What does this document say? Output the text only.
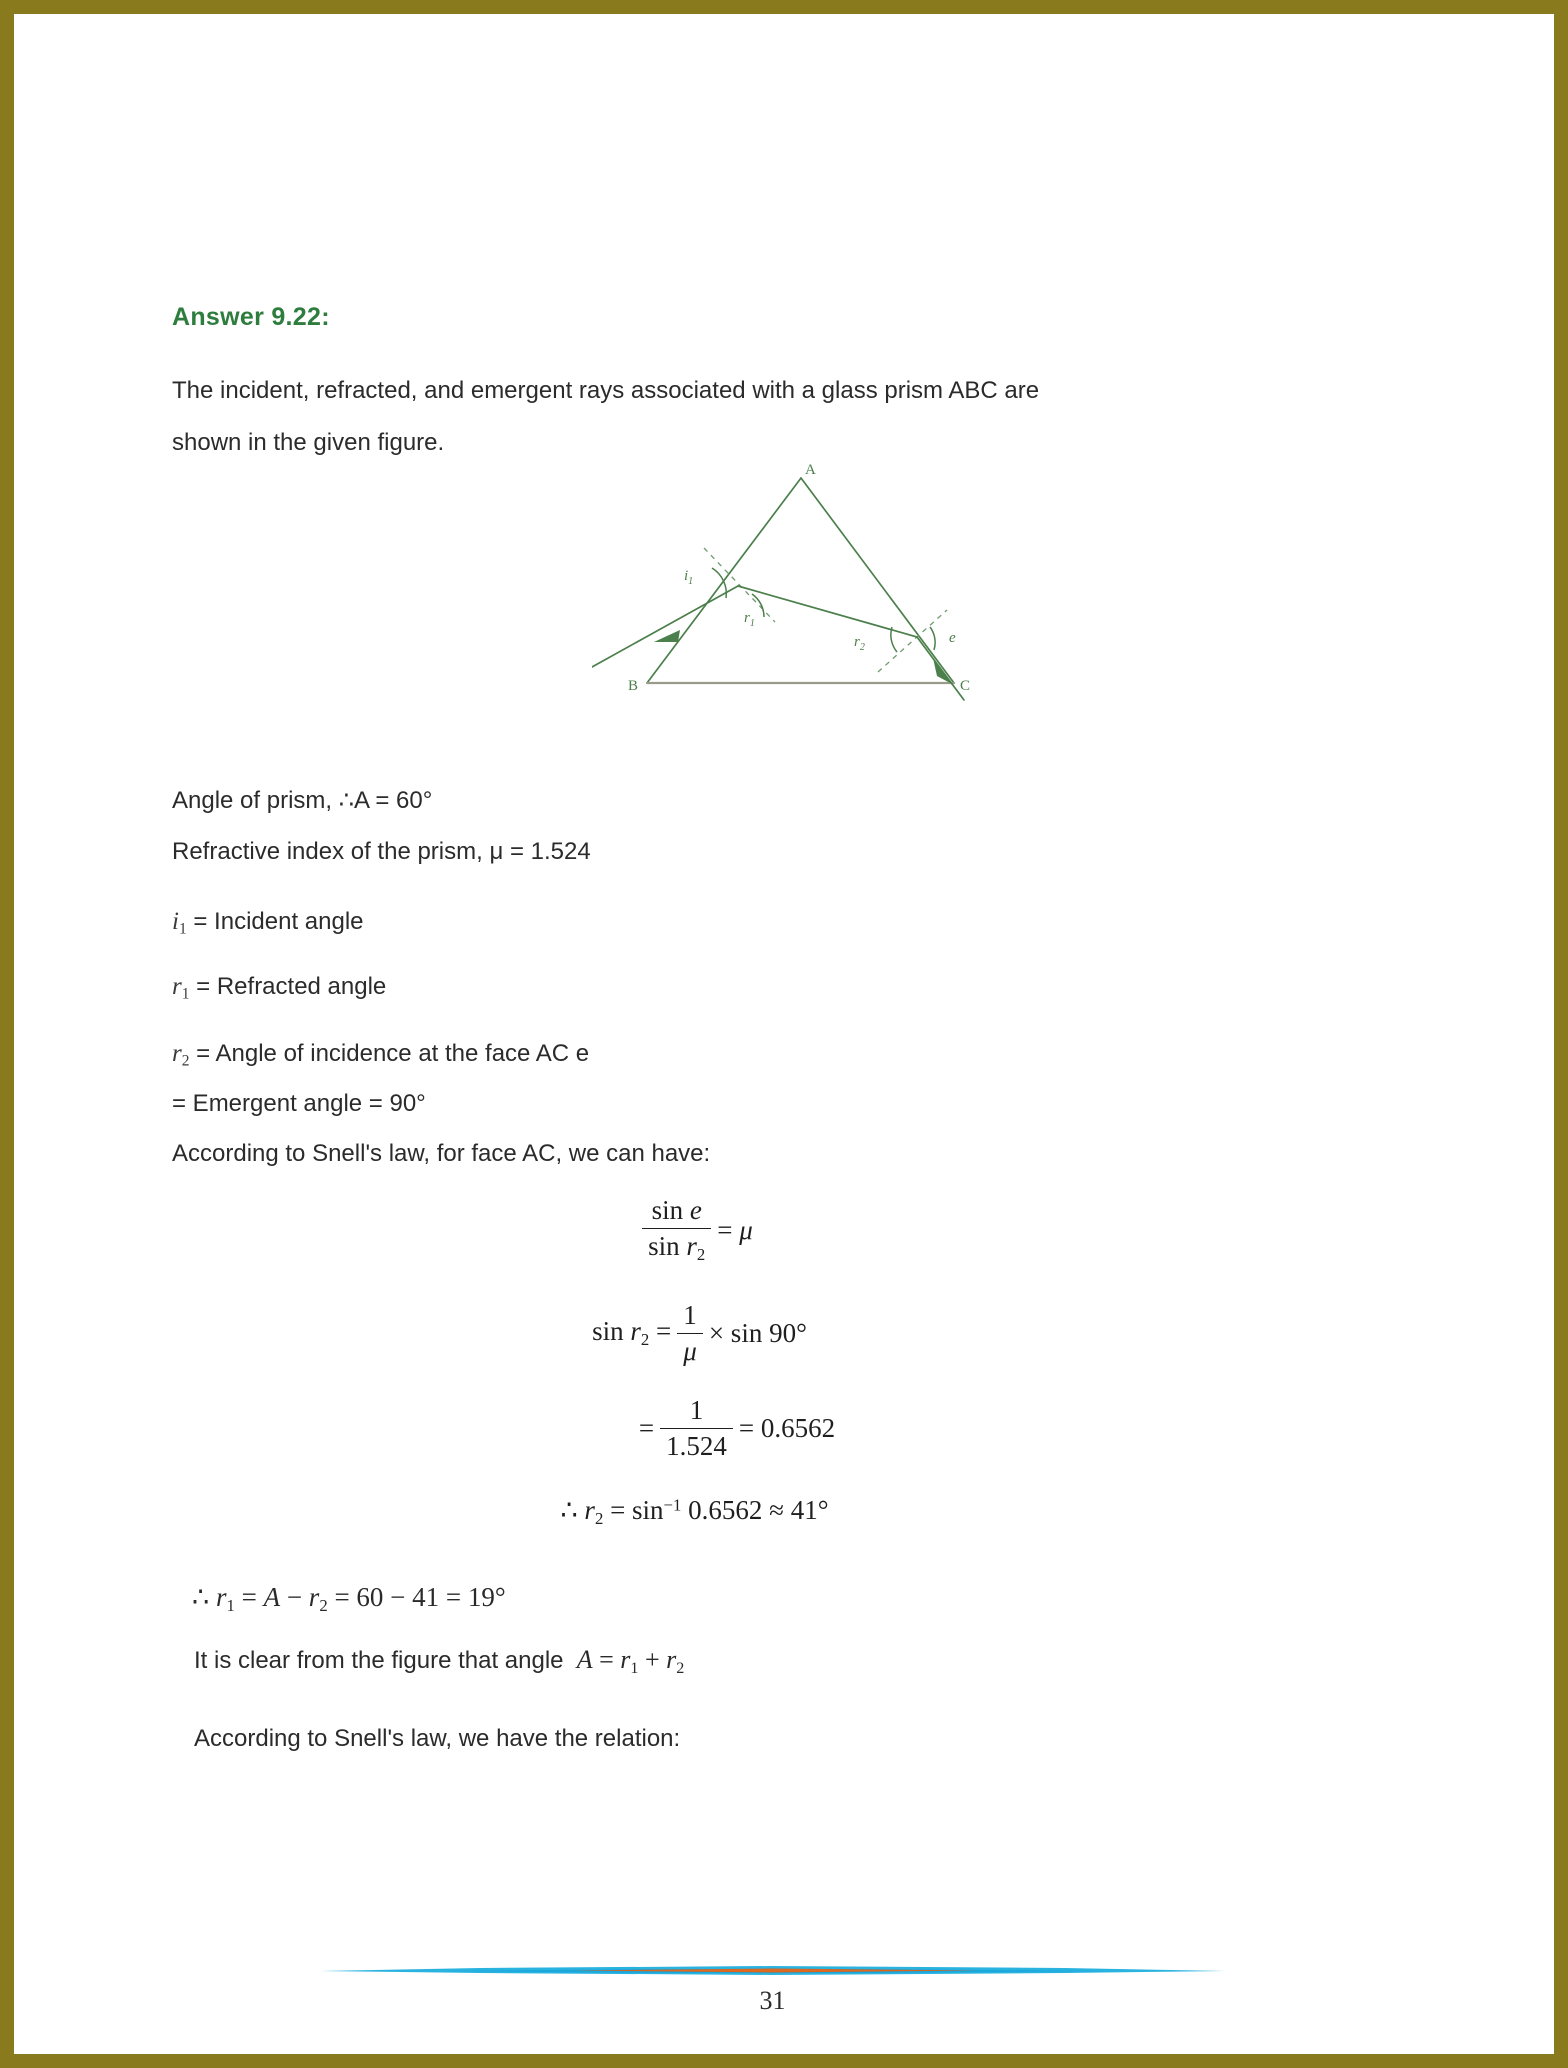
Answer 9.22:
The incident, refracted, and emergent rays associated with a glass prism ABC are
shown in the given figure.
A
B	C
$i_1$
$r_1$
$r_2$
e
Angle of prism, ∴A = 60°
Refractive index of the prism, μ = 1.524
$i_1$ = Incident angle
$r_1$ = Refracted angle
$r_2$ = Angle of incidence at the face AC e
= Emergent angle = 90°
According to Snell's law, for face AC, we can have:
$\frac{\text{sin e}}{\sin r_2} = \mu$
$\sin r_2 = \frac{1}{\mu} \times \sin 90^\circ$
= $\frac{1}{1.524} = 0.6562$
∴ $r_2 = \sin^{-1} 0.6562 \approx 41^\circ$
∴ $r_1 = A - r_2 = 60 - 41 = 19^\circ$
It is clear from the figure that angle $A = r_1 + r_2$
According to Snell's law, we have the relation:
31
